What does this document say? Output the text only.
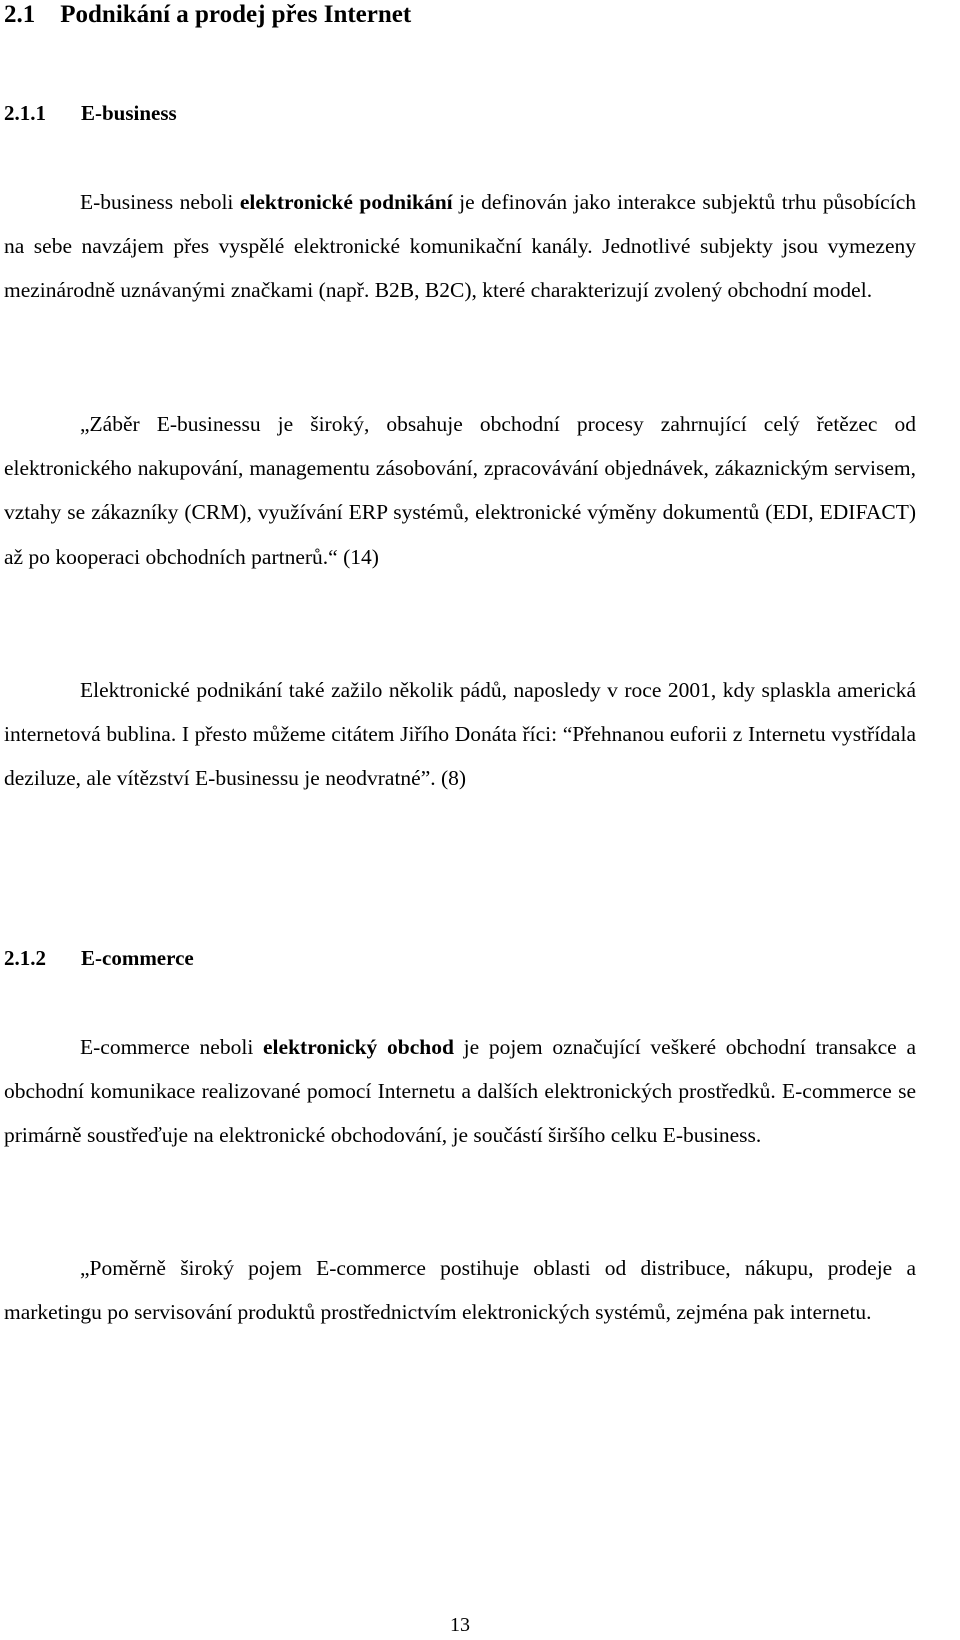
2.1    Podnikání a prodej přes Internet
2.1.1 E-business

E-business neboli elektronické podnikání je definován jako interakce subjektů trhu působících na sebe navzájem přes vyspělé elektronické komunikační kanály. Jednotlivé subjekty jsou vymezeny mezinárodně uznávanými značkami (např. B2B, B2C), které charakterizují zvolený obchodní model.

„Záběr E-businessu je široký, obsahuje obchodní procesy zahrnující celý řetězec od elektronického nakupování, managementu zásobování, zpracovávání objednávek, zákaznickým servisem, vztahy se zákazníky (CRM), využívání ERP systémů, elektronické výměny dokumentů (EDI, EDIFACT) až po kooperaci obchodních partnerů.“ (14)

Elektronické podnikání také zažilo několik pádů, naposledy v roce 2001, kdy splaskla americká internetová bublina. I přesto můžeme citátem Jiřího Donáta říci: “Přehnanou euforii z Internetu vystřídala deziluze, ale vítězství E-businessu je neodvratné”. (8)

2.1.2 E-commerce

E-commerce neboli elektronický obchod je pojem označující veškeré obchodní transakce a obchodní komunikace realizované pomocí Internetu a dalších elektronických prostředků. E-commerce se primárně soustřeďuje na elektronické obchodování, je součástí širšího celku E-business.

„Poměrně široký pojem E-commerce postihuje oblasti od distribuce, nákupu, prodeje a marketingu po servisování produktů prostřednictvím elektronických systémů, zejména pak internetu.

13
